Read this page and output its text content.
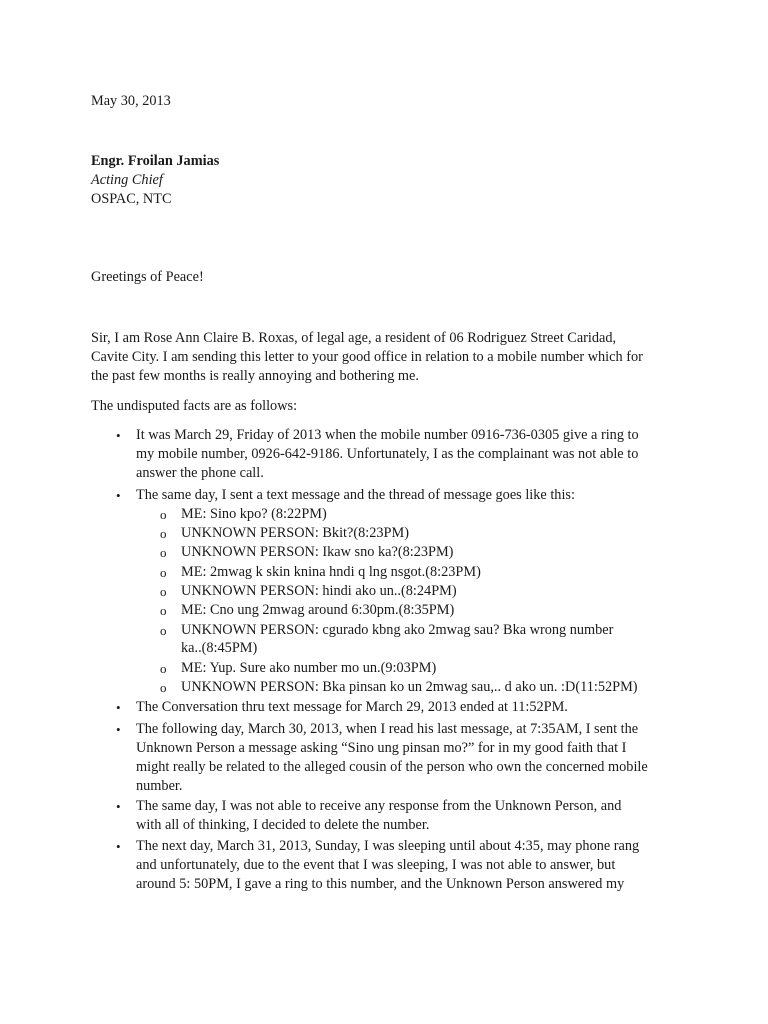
May 30, 2013
Engr. Froilan Jamias
Acting Chief
OSPAC, NTC
Greetings of Peace!
Sir, I am Rose Ann Claire B. Roxas, of legal age, a resident of 06 Rodriguez Street Caridad,
Cavite City. I am sending this letter to your good office in relation to a mobile number which for
the past few months is really annoying and bothering me.
The undisputed facts are as follows:
• It was March 29, Friday of 2013 when the mobile number 0916-736-0305 give a ring to
my mobile number, 0926-642-9186. Unfortunately, I as the complainant was not able to
answer the phone call.
• The same day, I sent a text message and the thread of message goes like this:
o ME: Sino kpo? (8:22PM)
o UNKNOWN PERSON: Bkit?(8:23PM)
o UNKNOWN PERSON: Ikaw sno ka?(8:23PM)
o ME: 2mwag k skin knina hndi q lng nsgot.(8:23PM)
o UNKNOWN PERSON: hindi ako un..(8:24PM)
o ME: Cno ung 2mwag around 6:30pm.(8:35PM)
o UNKNOWN PERSON: cgurado kbng ako 2mwag sau? Bka wrong number
ka..(8:45PM)
o ME: Yup. Sure ako number mo un.(9:03PM)
o UNKNOWN PERSON: Bka pinsan ko un 2mwag sau,.. d ako un. :D(11:52PM)
• The Conversation thru text message for March 29, 2013 ended at 11:52PM.
• The following day, March 30, 2013, when I read his last message, at 7:35AM, I sent the
Unknown Person a message asking “Sino ung pinsan mo?” for in my good faith that I
might really be related to the alleged cousin of the person who own the concerned mobile
number.
• The same day, I was not able to receive any response from the Unknown Person, and
with all of thinking, I decided to delete the number.
• The next day, March 31, 2013, Sunday, I was sleeping until about 4:35, may phone rang
and unfortunately, due to the event that I was sleeping, I was not able to answer, but
around 5: 50PM, I gave a ring to this number, and the Unknown Person answered my
